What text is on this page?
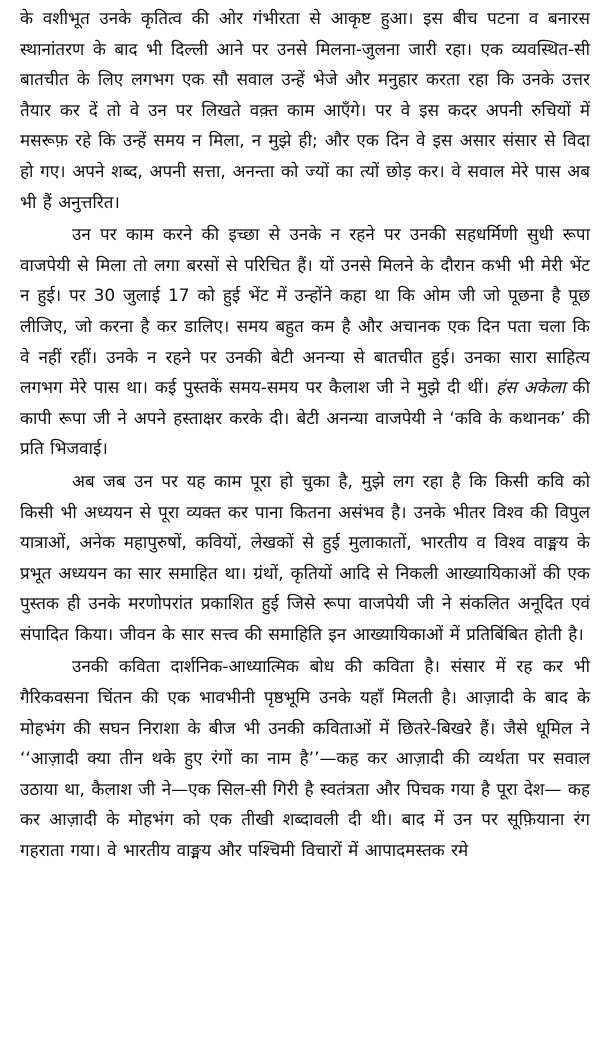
के वशीभूत उनके कृतित्व की ओर गंभीरता से आकृष्ट हुआ। इस बीच पटना व बनारस स्थानांतरण के बाद भी दिल्ली आने पर उनसे मिलना-जुलना जारी रहा। एक व्यवस्थित-सी बातचीत के लिए लगभग एक सौ सवाल उन्हें भेजे और मनुहार करता रहा कि उनके उत्तर तैयार कर दें तो वे उन पर लिखते वक़्त काम आएँगे। पर वे इस कदर अपनी रुचियों में मसरूफ़ रहे कि उन्हें समय न मिला, न मुझे ही; और एक दिन वे इस असार संसार से विदा हो गए। अपने शब्द, अपनी सत्ता, अनन्ता को ज्यों का त्यों छोड़ कर। वे सवाल मेरे पास अब भी हैं अनुत्तरित।

उन पर काम करने की इच्छा से उनके न रहने पर उनकी सहधर्मिणी सुधी रूपा वाजपेयी से मिला तो लगा बरसों से परिचित हैं। यों उनसे मिलने के दौरान कभी भी मेरी भेंट न हुई। पर 30 जुलाई 17 को हुई भेंट में उन्होंने कहा था कि ओम जी जो पूछना है पूछ लीजिए, जो करना है कर डालिए। समय बहुत कम है और अचानक एक दिन पता चला कि वे नहीं रहीं। उनके न रहने पर उनकी बेटी अनन्या से बातचीत हुई। उनका सारा साहित्य लगभग मेरे पास था। कई पुस्तकें समय-समय पर कैलाश जी ने मुझे दी थीं। हंस अकेला की कापी रूपा जी ने अपने हस्ताक्षर करके दी। बेटी अनन्या वाजपेयी ने ‘कवि के कथानक’ की प्रति भिजवाई।

अब जब उन पर यह काम पूरा हो चुका है, मुझे लग रहा है कि किसी कवि को किसी भी अध्ययन से पूरा व्यक्त कर पाना कितना असंभव है। उनके भीतर विश्व की विपुल यात्राओं, अनेक महापुरुषों, कवियों, लेखकों से हुई मुलाकातों, भारतीय व विश्व वाङ्मय के प्रभूत अध्ययन का सार समाहित था। ग्रंथों, कृतियों आदि से निकली आख्यायिकाओं की एक पुस्तक ही उनके मरणोपरांत प्रकाशित हुई जिसे रूपा वाजपेयी जी ने संकलित अनूदित एवं संपादित किया। जीवन के सार सत्त्व की समाहिति इन आख्यायिकाओं में प्रतिबिंबित होती है।

उनकी कविता दार्शनिक-आध्यात्मिक बोध की कविता है। संसार में रह कर भी गैरिकवसना चिंतन की एक भावभीनी पृष्ठभूमि उनके यहाँ मिलती है। आज़ादी के बाद के मोहभंग की सघन निराशा के बीज भी उनकी कविताओं में छितरे-बिखरे हैं। जैसे धूमिल ने ‘‘आज़ादी क्या तीन थके हुए रंगों का नाम है’’—कह कर आज़ादी की व्यर्थता पर सवाल उठाया था, कैलाश जी ने—एक सिल-सी गिरी है स्वतंत्रता और पिचक गया है पूरा देश— कह कर आज़ादी के मोहभंग को एक तीखी शब्दावली दी थी। बाद में उन पर सूफ़ियाना रंग गहराता गया। वे भारतीय वाङ्मय और पश्चिमी विचारों में आपादमस्तक रमे
